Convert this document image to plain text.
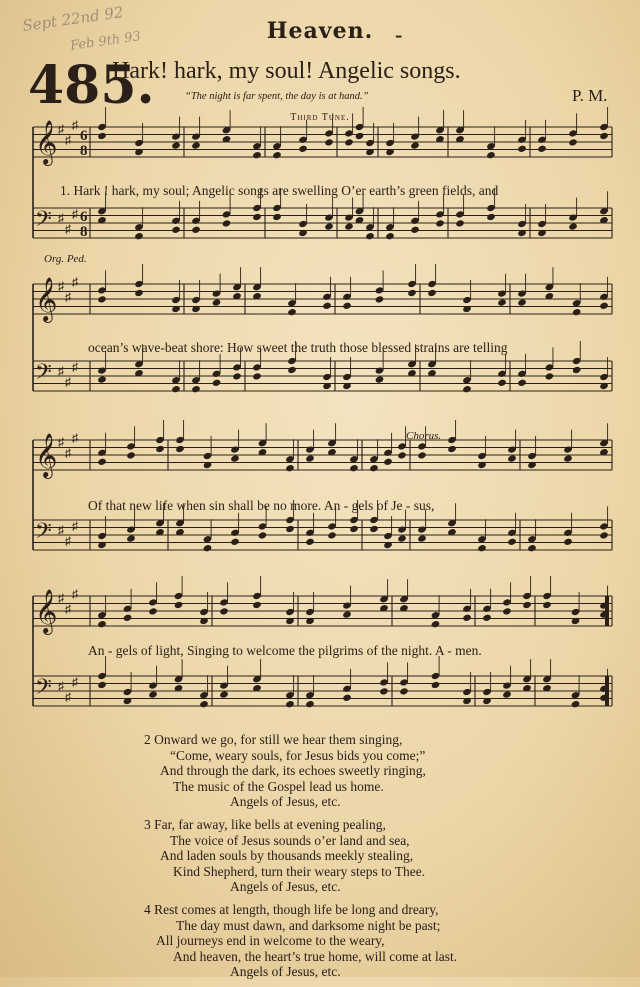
Sept 22nd 92
Feb 9th 93	Heaven. -
485.
Hark! hark, my soul! Angelic songs.
“The night is far spent, the day is at hand.”	P. M.
Third Tune.
𝄞 ♯
♯
♯
6
8
𝄢 ♯
♯
♯ 6
8
𝄞 ♯
♯
♯
𝄢 ♯
♯
♯
𝄞 ♯
♯
♯
𝄢 ♯
♯
♯
𝄞 ♯
♯
♯
𝄢 ♯
♯
♯
1. Hark ! hark, my soul; Angelic songs are swelling O’er earth’s green fields, and
ocean’s wave-beat shore: How sweet the truth those blessed strains are telling
Of that new life when sin shall be no more. An - gels of Je - sus,
An - gels of light, Singing to welcome the pilgrims of the night. A - men.
Org. Ped.
Chorus.
2 Onward we go, for still we hear them singing,
“Come, weary souls, for Jesus bids you come;”
And through the dark, its echoes sweetly ringing,
The music of the Gospel lead us home.
Angels of Jesus, etc.
3 Far, far away, like bells at evening pealing,
The voice of Jesus sounds o’er land and sea,
And laden souls by thousands meekly stealing,
Kind Shepherd, turn their weary steps to Thee.
Angels of Jesus, etc.
4 Rest comes at length, though life be long and dreary,
The day must dawn, and darksome night be past;
All journeys end in welcome to the weary,
And heaven, the heart’s true home, will come at last.
Angels of Jesus, etc.
